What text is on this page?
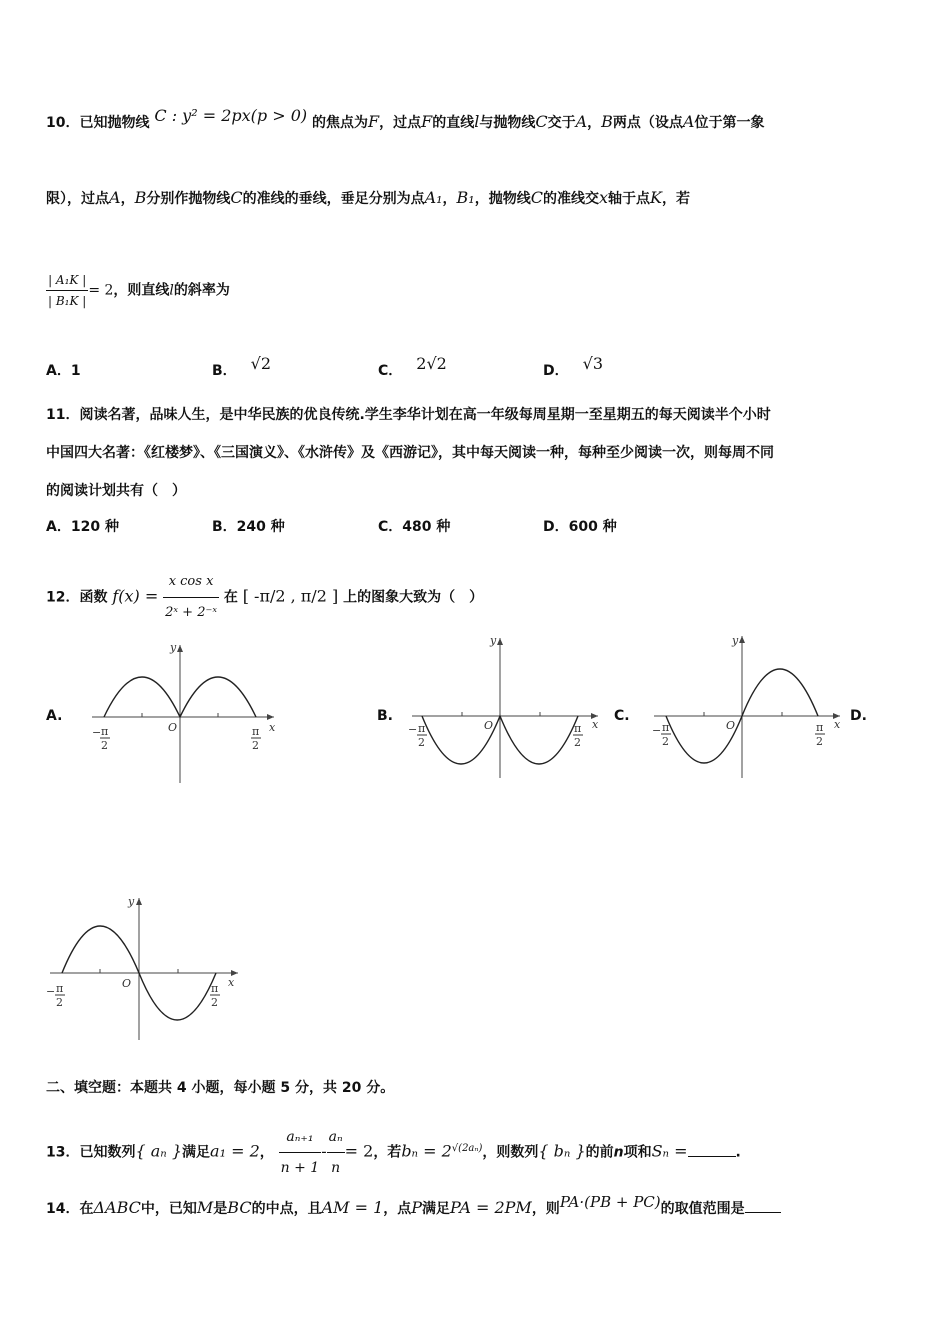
10．已知抛物线 C : y² = 2px(p > 0) 的焦点为F，过点F的直线l与抛物线C交于A，B两点（设点A位于第一象
限），过点A，B分别作抛物线C的准线的垂线，垂足分别为点A₁，B₁，抛物线C的准线交x轴于点K，若
$\frac{\text{| A₁K |}}{\text{| B₁K |}} = 2$，则直线l的斜率为
A．1	B． √2	C． 2√2	D． √3
11．阅读名著，品味人生，是中华民族的优良传统.学生李华计划在高一年级每周星期一至星期五的每天阅读半个小时
中国四大名著：《红楼梦》、《三国演义》、《水浒传》及《西游记》，其中每天阅读一种，每种至少阅读一次，则每周不同
的阅读计划共有（　）
A．120 种	B．240 种	C．480 种	D．600 种
12．函数 $f(x) = \frac{\text{x cos x}}{\text{2ˣ + 2⁻ˣ}}$ 在 [ -π/2 , π/2 ] 上的图象大致为（　）
A.	B.	C.	D.
y
x
O
− π
2
π
2
y
x
O
− π
2
π
2
y
x
O
− π
2
π
2
y
x
O
− π
2
π
2
二、填空题：本题共 4 小题，每小题 5 分，共 20 分。
13．已知数列{ aₙ }满足a₁ = 2， $\frac{\text{aₙ₊₁}}{n + 1} - \frac{\text{aₙ}}{n} = 2$，若$b_n = 2^{√(2a_n)}$，则数列{ bₙ }的前n项和Sₙ =	.
14．在ΔABC中，已知M是BC的中点，且AM = 1，点P满足PA = 2PM，则PA·(PB + PC)的取值范围是
